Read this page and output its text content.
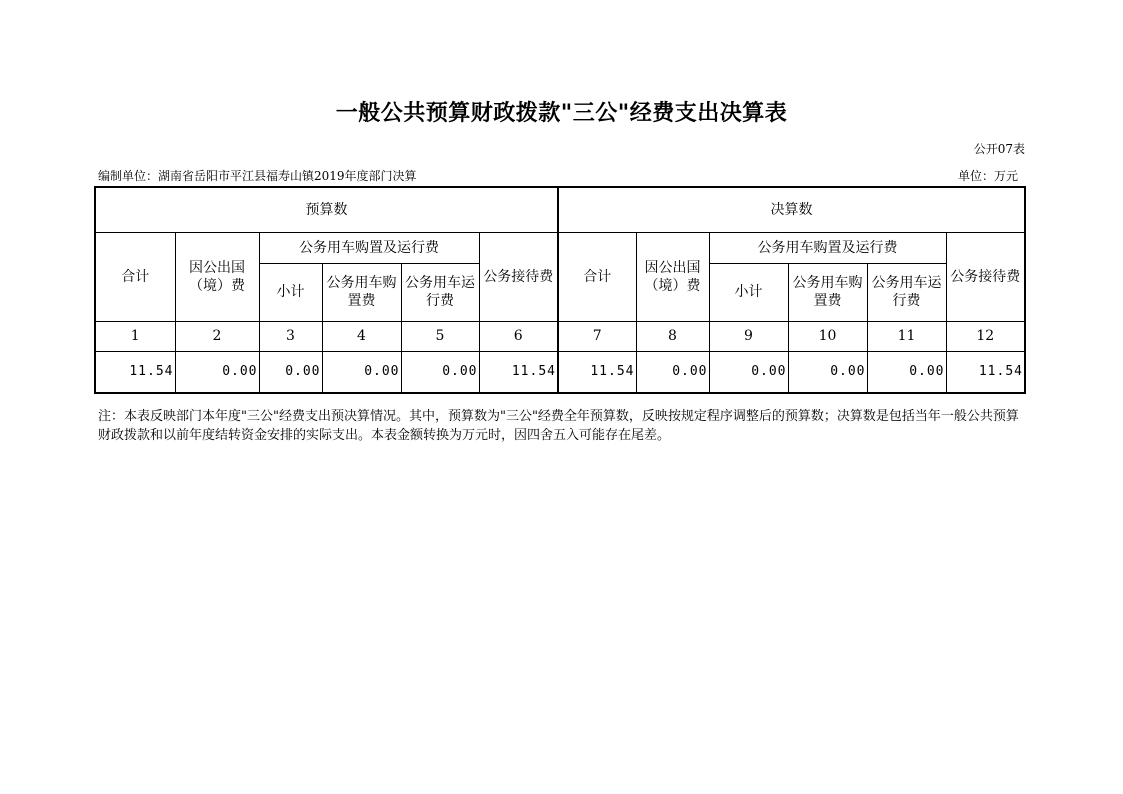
一般公共预算财政拨款"三公"经费支出决算表
公开07表
编制单位：湖南省岳阳市平江县福寿山镇2019年度部门决算	单位：万元
预算数						决算数					
合计	因公出国（境）费	公务用车购置及运行费			公务接待费	合计	因公出国（境）费	公务用车购置及运行费			公务接待费
		小计	公务用车购置费	公务用车运行费				小计	公务用车购置费	公务用车运行费	
1	2	3	4	5	6	7	8	9	10	11	12
11.54	0.00	0.00	0.00	0.00	11.54	11.54	0.00	0.00	0.00	0.00	11.54
注：本表反映部门本年度"三公"经费支出预决算情况。其中，预算数为"三公"经费全年预算数，反映按规定程序调整后的预算数；决算数是包括当年一般公共预算财政拨款和以前年度结转资金安排的实际支出。本表金额转换为万元时，因四舍五入可能存在尾差。
